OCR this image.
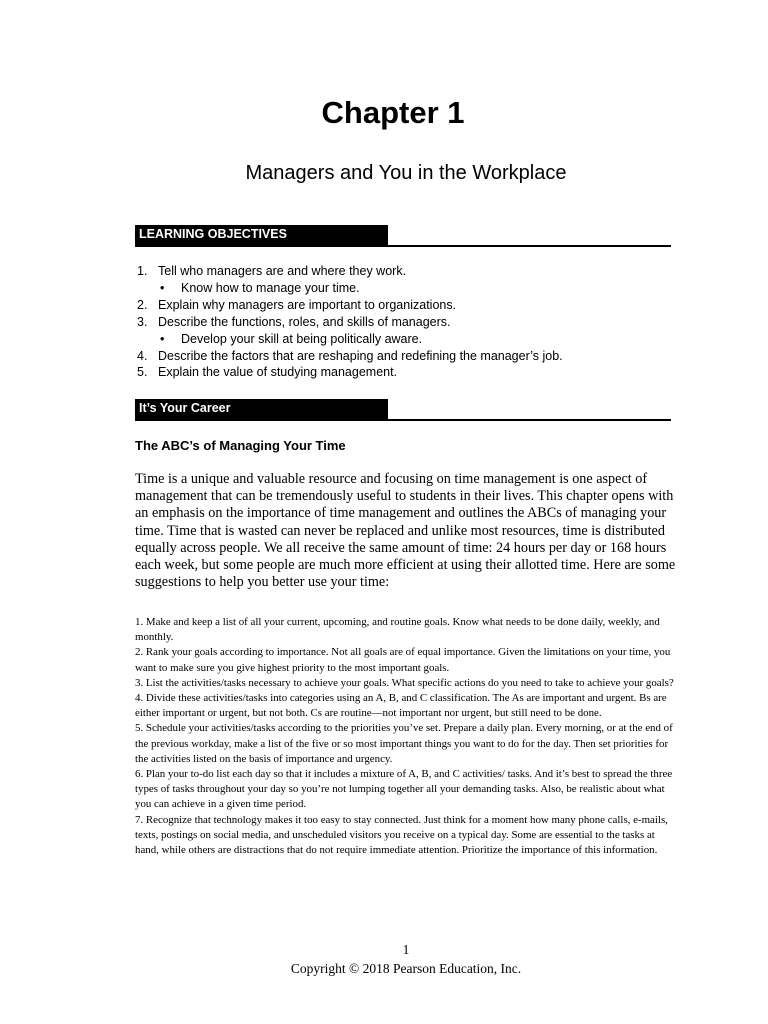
Chapter 1
Managers and You in the Workplace
LEARNING OBJECTIVES
1. Tell who managers are and where they work.
• Know how to manage your time.
2. Explain why managers are important to organizations.
3. Describe the functions, roles, and skills of managers.
• Develop your skill at being politically aware.
4. Describe the factors that are reshaping and redefining the manager’s job.
5. Explain the value of studying management.
It’s Your Career
The ABC’s of Managing Your Time

Time is a unique and valuable resource and focusing on time management is one aspect of management that can be tremendously useful to students in their lives. This chapter opens with an emphasis on the importance of time management and outlines the ABCs of managing your time. Time that is wasted can never be replaced and unlike most resources, time is distributed equally across people. We all receive the same amount of time: 24 hours per day or 168 hours each week, but some people are much more efficient at using their allotted time. Here are some suggestions to help you better use your time:

1. Make and keep a list of all your current, upcoming, and routine goals. Know what needs to be done daily, weekly, and monthly.
2. Rank your goals according to importance. Not all goals are of equal importance. Given the limitations on your time, you want to make sure you give highest priority to the most important goals.
3. List the activities/tasks necessary to achieve your goals. What specific actions do you need to take to achieve your goals?
4. Divide these activities/tasks into categories using an A, B, and C classification. The As are important and urgent. Bs are either important or urgent, but not both. Cs are routine—not important nor urgent, but still need to be done.
5. Schedule your activities/tasks according to the priorities you’ve set. Prepare a daily plan. Every morning, or at the end of the previous workday, make a list of the five or so most important things you want to do for the day. Then set priorities for the activities listed on the basis of importance and urgency.
6. Plan your to-do list each day so that it includes a mixture of A, B, and C activities/ tasks. And it’s best to spread the three types of tasks throughout your day so you’re not lumping together all your demanding tasks. Also, be realistic about what you can achieve in a given time period.
7. Recognize that technology makes it too easy to stay connected. Just think for a moment how many phone calls, e-mails, texts, postings on social media, and unscheduled visitors you receive on a typical day. Some are essential to the tasks at hand, while others are distractions that do not require immediate attention. Prioritize the importance of this information.
1
Copyright © 2018 Pearson Education, Inc.
